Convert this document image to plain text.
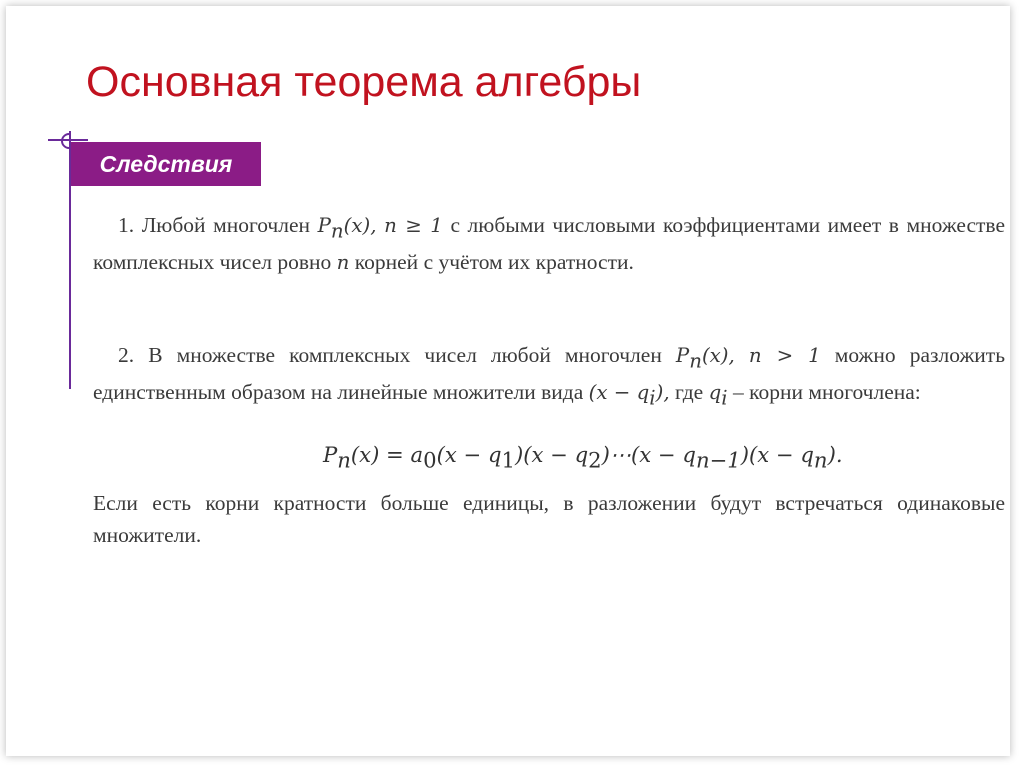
Основная теорема алгебры
Следствия

1. Любой многочлен $P_n(x)$, n ≥ 1 с любыми числовыми коэффициентами имеет в множестве комплексных чисел ровно n корней с учётом их кратности.

2. В множестве комплексных чисел любой многочлен $P_n(x)$, n > 1 можно разложить единственным образом на линейные множители вида $(x - q_i)$, где $q_i$ – корни многочлена:

$P_n(x) = a_0(x - q_1)(x$ − $q_2)\cdots(x - q_{n-1})(x - q_n)$.

Если есть корни кратности больше единицы, в разложении будут встречаться одинаковые множители.
